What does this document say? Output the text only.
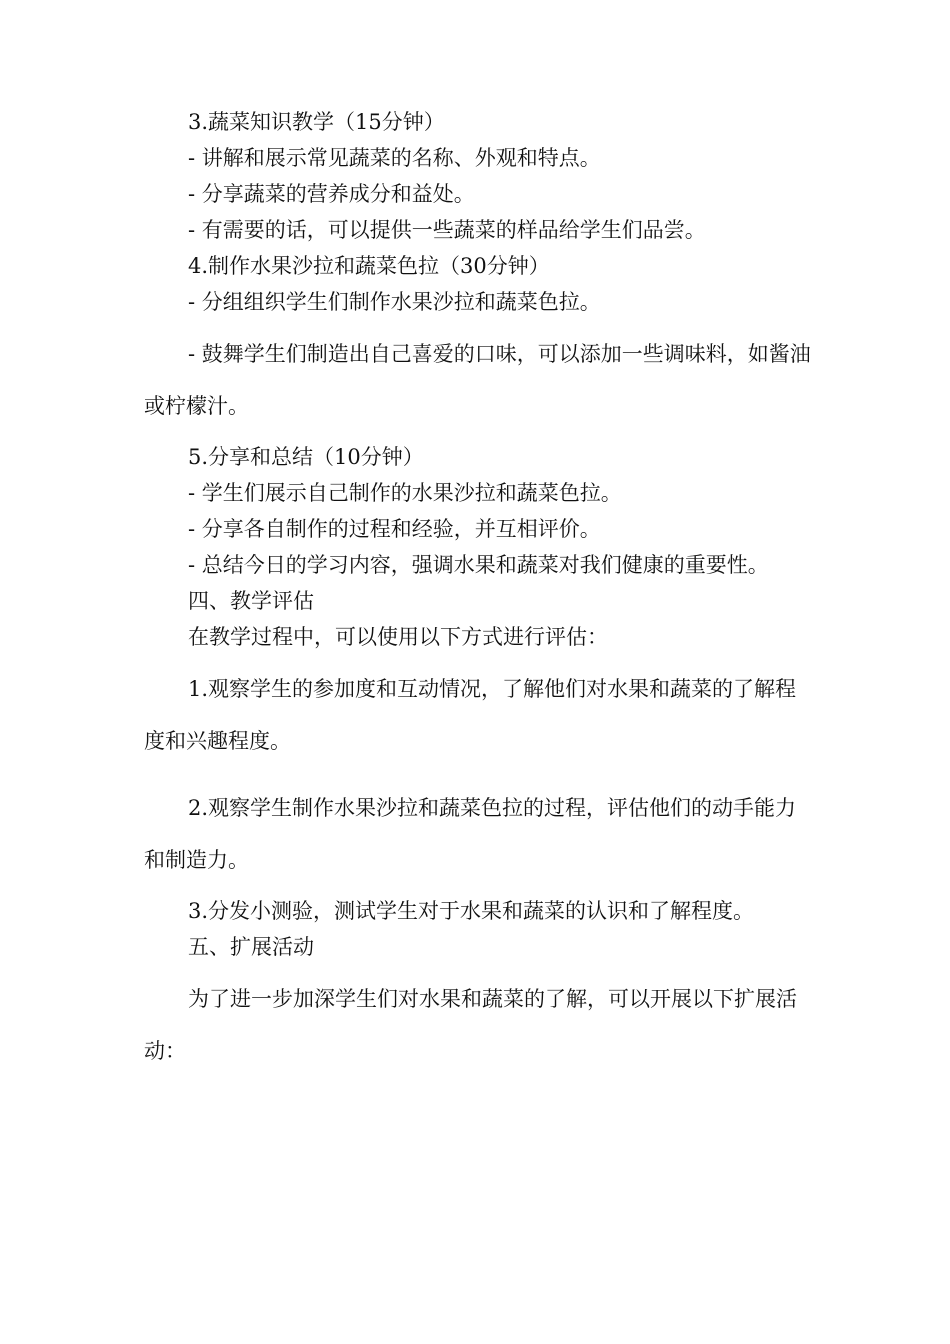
3.蔬菜知识教学（15分钟）

- 讲解和展示常见蔬菜的名称、外观和特点。

- 分享蔬菜的营养成分和益处。

- 有需要的话，可以提供一些蔬菜的样品给学生们品尝。

4.制作水果沙拉和蔬菜色拉（30分钟）

- 分组组织学生们制作水果沙拉和蔬菜色拉。

- 鼓舞学生们制造出自己喜爱的口味，可以添加一些调味料，如酱油或柠檬汁。

5.分享和总结（10分钟）

- 学生们展示自己制作的水果沙拉和蔬菜色拉。

- 分享各自制作的过程和经验，并互相评价。

- 总结今日的学习内容，强调水果和蔬菜对我们健康的重要性。

四、教学评估

在教学过程中，可以使用以下方式进行评估：

1.观察学生的参加度和互动情况，了解他们对水果和蔬菜的了解程度和兴趣程度。

2.观察学生制作水果沙拉和蔬菜色拉的过程，评估他们的动手能力和制造力。

3.分发小测验，测试学生对于水果和蔬菜的认识和了解程度。

五、扩展活动

为了进一步加深学生们对水果和蔬菜的了解，可以开展以下扩展活动：
